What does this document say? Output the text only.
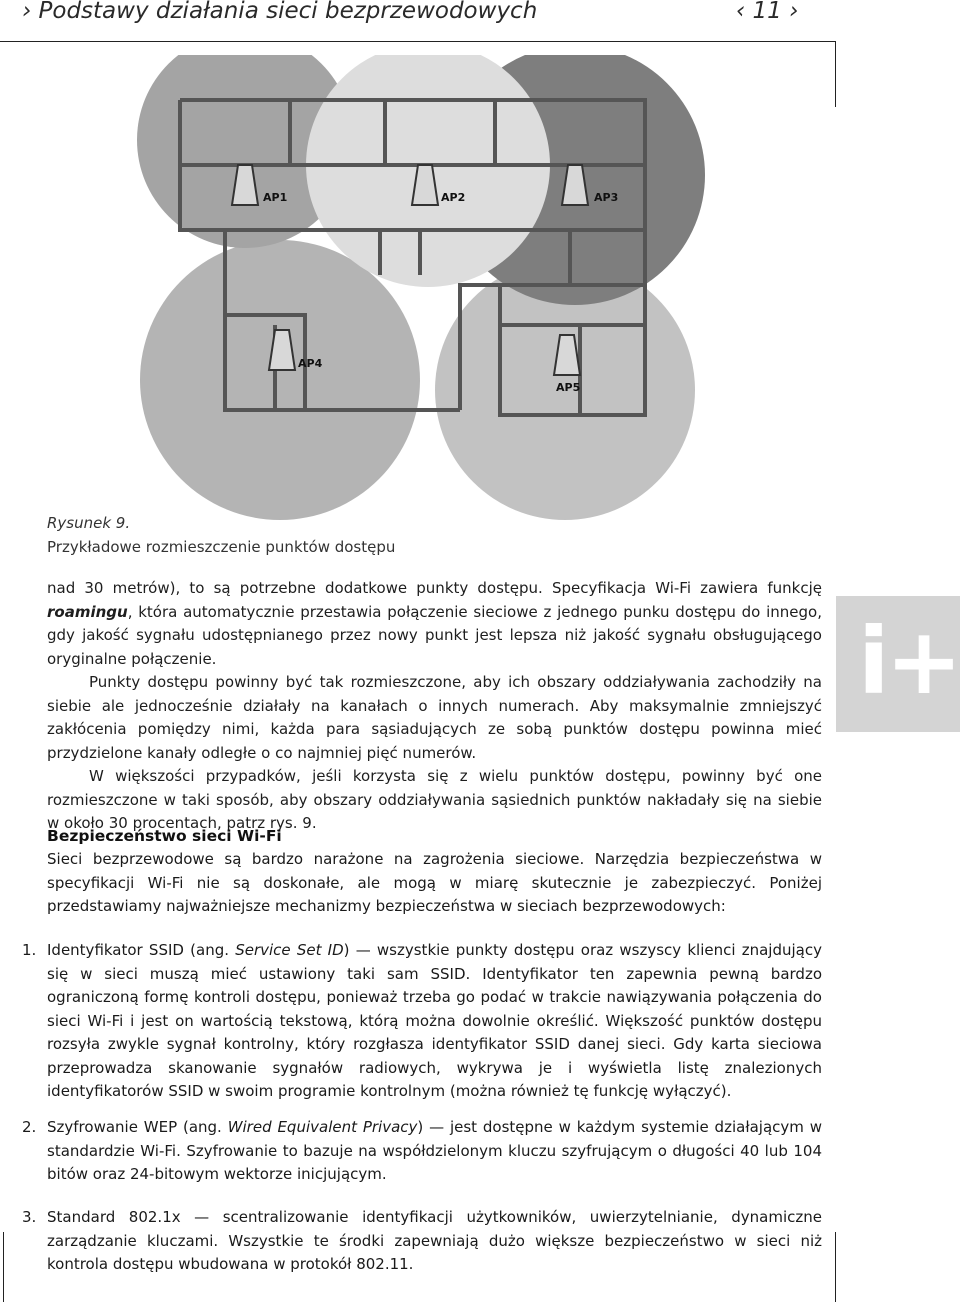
› Podstawy działania sieci bezprzewodowych	‹ 11 ›
AP1	AP2	AP3
AP4
AP5
Rysunek 9.
Przykładowe rozmieszczenie punktów dostępu
i+

nad 30 metrów), to są potrzebne dodatkowe punkty dostępu. Specyfikacja Wi-Fi zawiera funkcję roamingu, która automatycznie przestawia połączenie sieciowe z jednego punku dostępu do innego, gdy jakość sygnału udostępnianego przez nowy punkt jest lepsza niż jakość sygnału obsługującego oryginalne połączenie.

Punkty dostępu powinny być tak rozmieszczone, aby ich obszary oddziaływania zachodziły na siebie ale jednocześnie działały na kanałach o innych numerach. Aby maksymalnie zmniejszyć zakłócenia pomiędzy nimi, każda para sąsiadujących ze sobą punktów dostępu powinna mieć przydzielone kanały odległe o co najmniej pięć numerów.

W większości przypadków, jeśli korzysta się z wielu punktów dostępu, powinny być one rozmieszczone w taki sposób, aby obszary oddziaływania sąsiednich punktów nakładały się na siebie w około 30 procentach, patrz rys. 9.

Bezpieczeństwo sieci Wi-Fi
Sieci bezprzewodowe są bardzo narażone na zagrożenia sieciowe. Narzędzia bezpieczeństwa w specyfikacji Wi-Fi nie są doskonałe, ale mogą w miarę skutecznie je zabezpieczyć. Poniżej przedstawiamy najważniejsze mechanizmy bezpieczeństwa w sieciach bezprzewodowych:
1. Identyfikator SSID (ang. Service Set ID) — wszystkie punkty dostępu oraz wszyscy klienci znajdujący się w sieci muszą mieć ustawiony taki sam SSID. Identyfikator ten zapewnia pewną bardzo ograniczoną formę kontroli dostępu, ponieważ trzeba go podać w trakcie nawiązywania połączenia do sieci Wi-Fi i jest on wartością tekstową, którą można dowolnie określić. Większość punktów dostępu rozsyła zwykle sygnał kontrolny, który rozgłasza identyfikator SSID danej sieci. Gdy karta sieciowa przeprowadza skanowanie sygnałów radiowych, wykrywa je i wyświetla listę znalezionych identyfikatorów SSID w swoim programie kontrolnym (można również tę funkcję wyłączyć).
2. Szyfrowanie WEP (ang. Wired Equivalent Privacy) — jest dostępne w każdym systemie działającym w standardzie Wi-Fi. Szyfrowanie to bazuje na współdzielonym kluczu szyfrującym o długości 40 lub 104 bitów oraz 24-bitowym wektorze inicjującym.
3. Standard 802.1x — scentralizowanie identyfikacji użytkowników, uwierzytelnianie, dynamiczne zarządzanie kluczami. Wszystkie te środki zapewniają dużo większe bezpieczeństwo w sieci niż kontrola dostępu wbudowana w protokół 802.11.
